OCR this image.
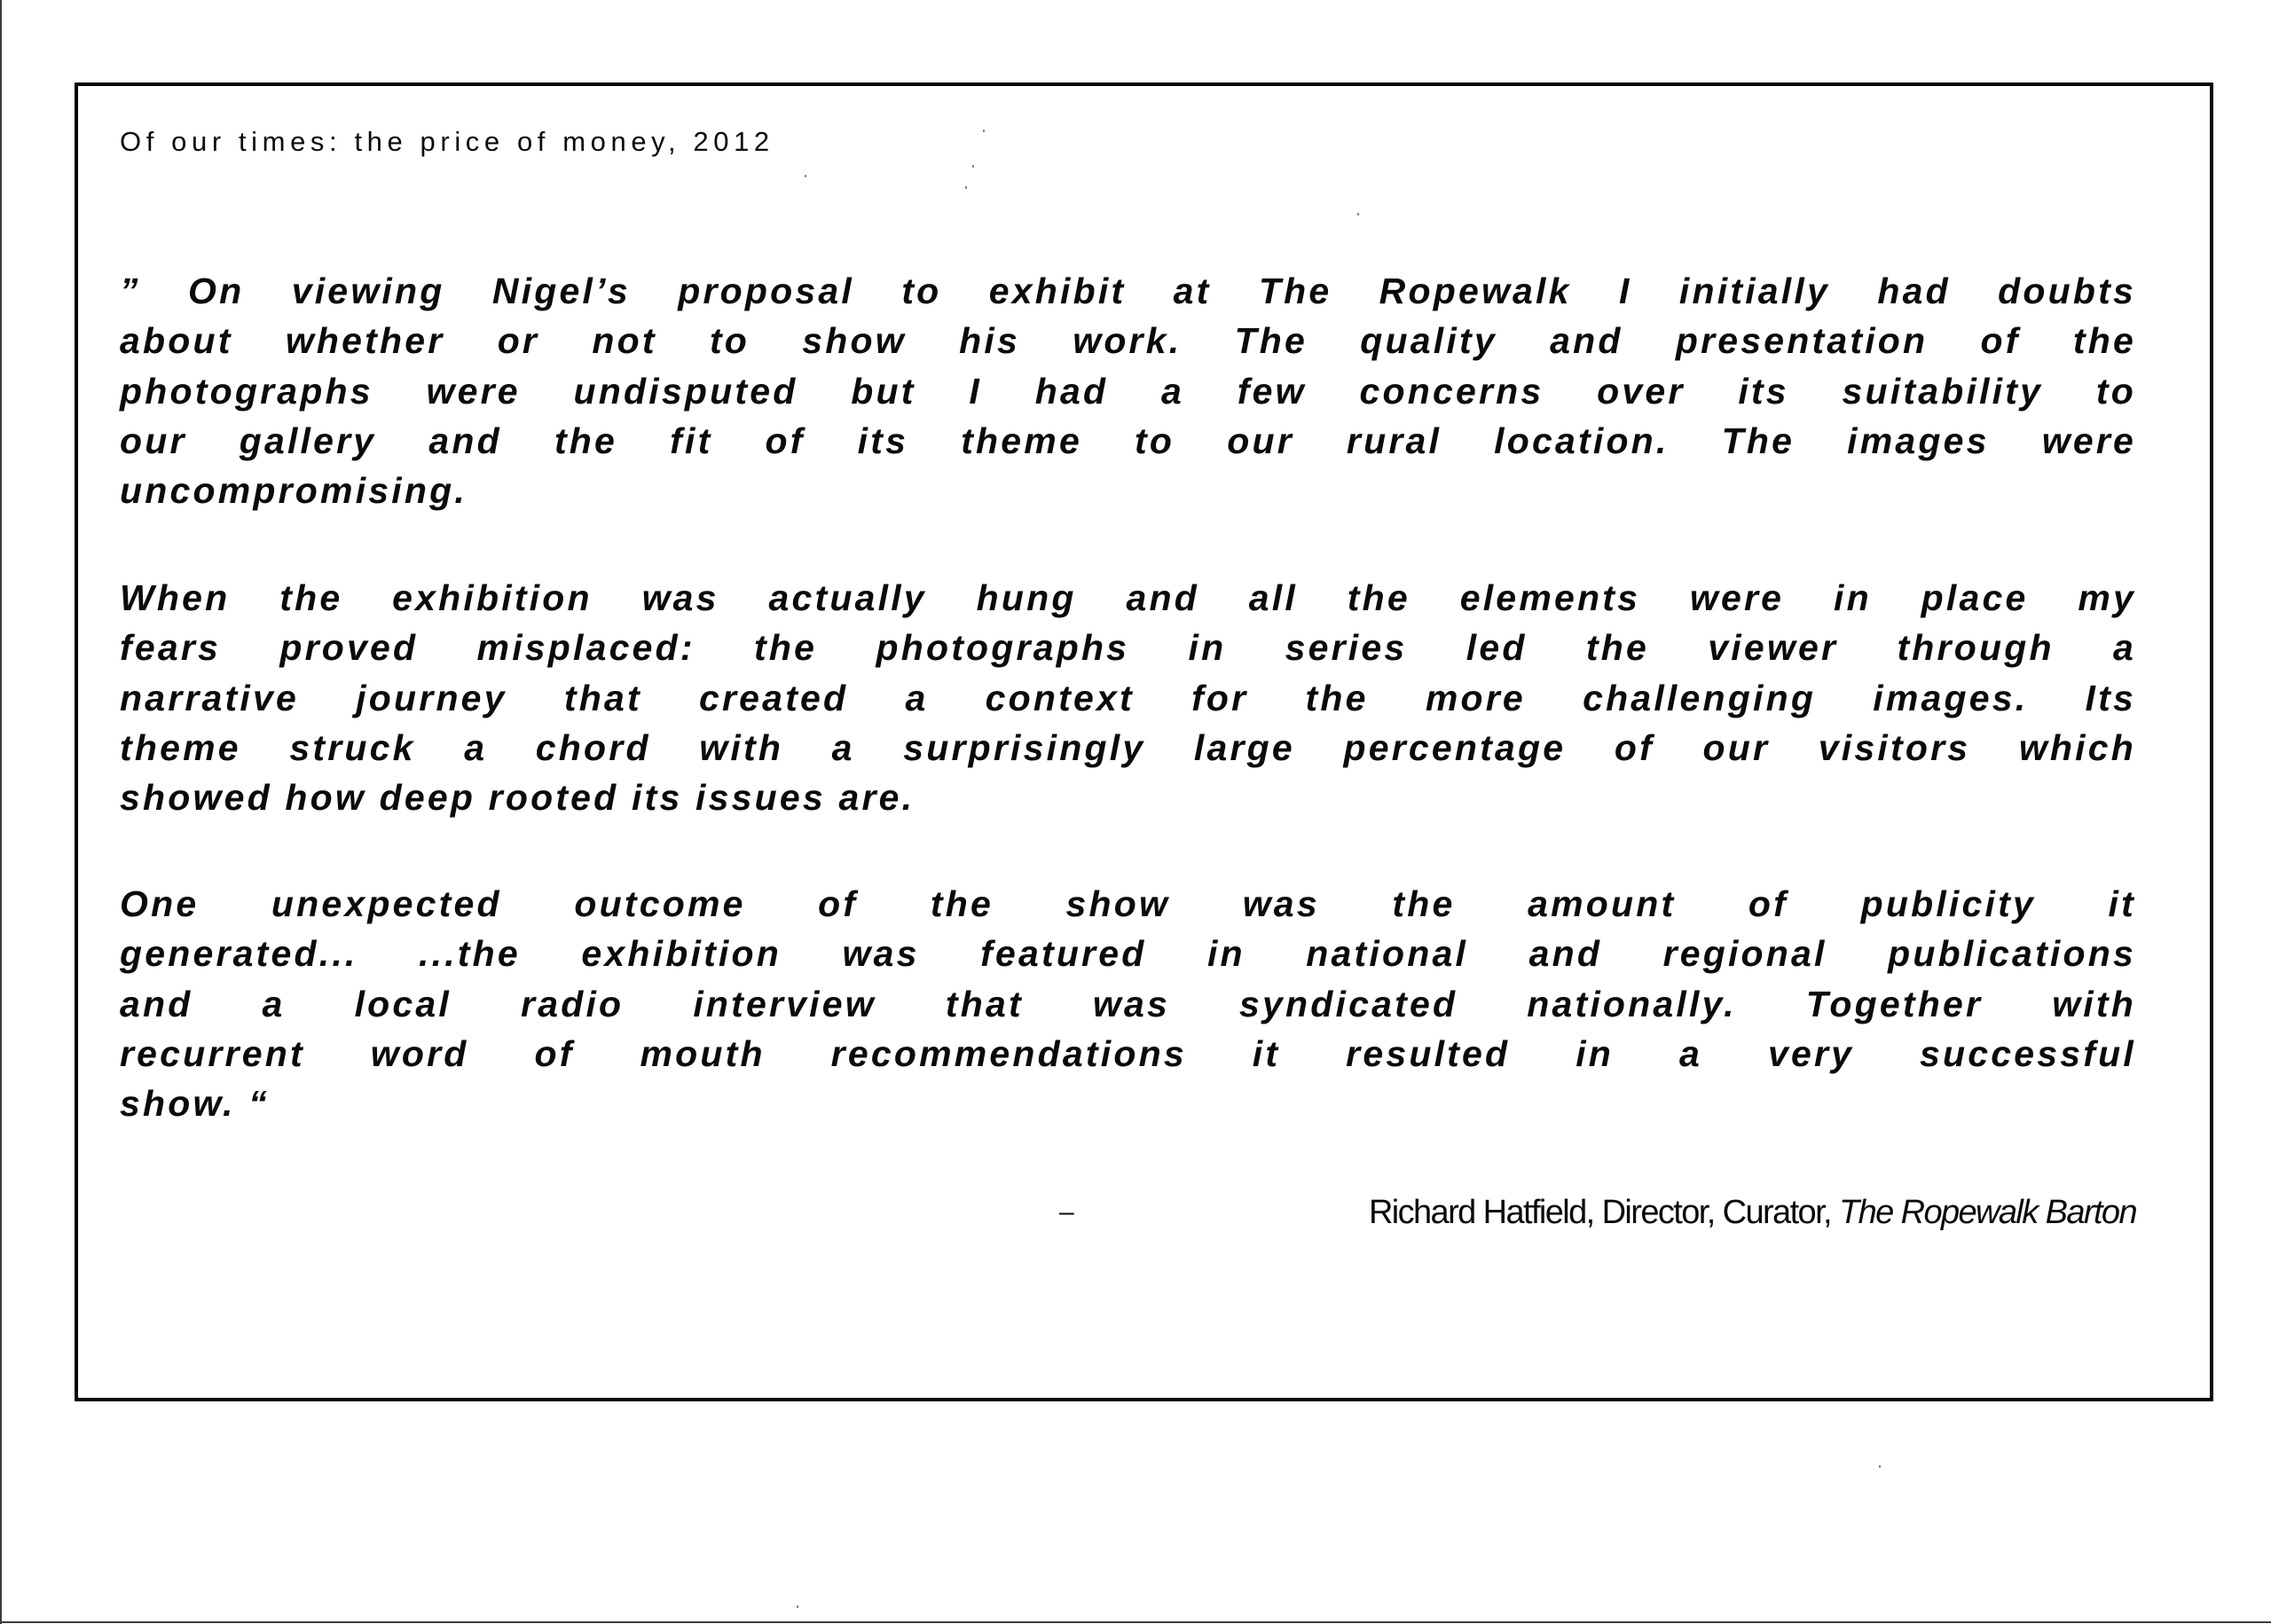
Of our times: the price of money, 2012
” On viewing Nigel’s proposal to exhibit at The Ropewalk I initially had doubts
about whether or not to show his work. The quality and presentation of the
photographs were undisputed but I had a few concerns over its suitability to
our gallery and the fit of its theme to our rural location. The images were
uncompromising.
When the exhibition was actually hung and all the elements were in place my
fears proved misplaced: the photographs in series led the viewer through a
narrative journey that created a context for the more challenging images. Its
theme struck a chord with a surprisingly large percentage of our visitors which
showed how deep rooted its issues are.
One unexpected outcome of the show was the amount of publicity it
generated... ...the exhibition was featured in national and regional publications
and a local radio interview that was syndicated nationally. Together with
recurrent word of mouth recommendations it resulted in a very successful
show. “
–	Richard Hatfield, Director, Curator, The Ropewalk Barton
